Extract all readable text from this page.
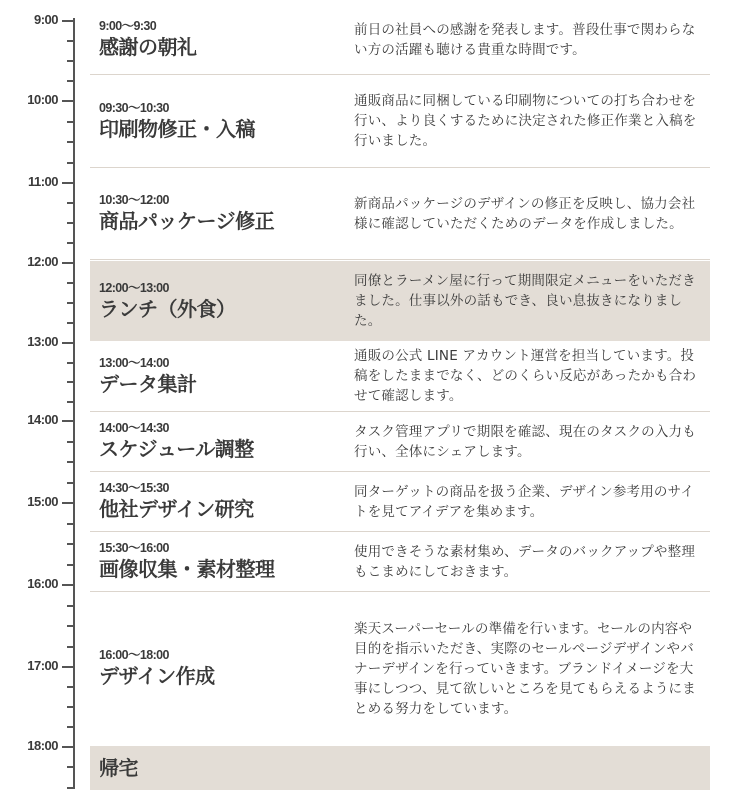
9:00
10:00
11:00
12:00
13:00
14:00
15:00
16:00
17:00
18:00
9:00～9:30
感謝の朝礼
前日の社員への感謝を発表します。普段仕事で関わらない方の活躍も聴ける貴重な時間です。
09:30～10:30
印刷物修正・入稿
通販商品に同梱している印刷物についての打ち合わせを行い、より良くするために決定された修正作業と入稿を行いました。
10:30～12:00
商品パッケージ修正
新商品パッケージのデザインの修正を反映し、協力会社様に確認していただくためのデータを作成しました。
12:00～13:00
ランチ（外食）
同僚とラーメン屋に行って期間限定メニューをいただきました。仕事以外の話もでき、良い息抜きになりました。
13:00～14:00
データ集計
通販の公式 LINE アカウント運営を担当しています。投稿をしたままでなく、どのくらい反応があったかも合わせて確認します。
14:00～14:30
スケジュール調整
タスク管理アプリで期限を確認、現在のタスクの入力も行い、全体にシェアします。
14:30～15:30
他社デザイン研究
同ターゲットの商品を扱う企業、デザイン参考用のサイトを見てアイデアを集めます。
15:30～16:00
画像収集・素材整理
使用できそうな素材集め、データのバックアップや整理もこまめにしておきます。
16:00～18:00
デザイン作成
楽天スーパーセールの準備を行います。セールの内容や目的を指示いただき、実際のセールページデザインやバナーデザインを行っていきます。ブランドイメージを大事にしつつ、見て欲しいところを見てもらえるようにまとめる努力をしています。
帰宅
